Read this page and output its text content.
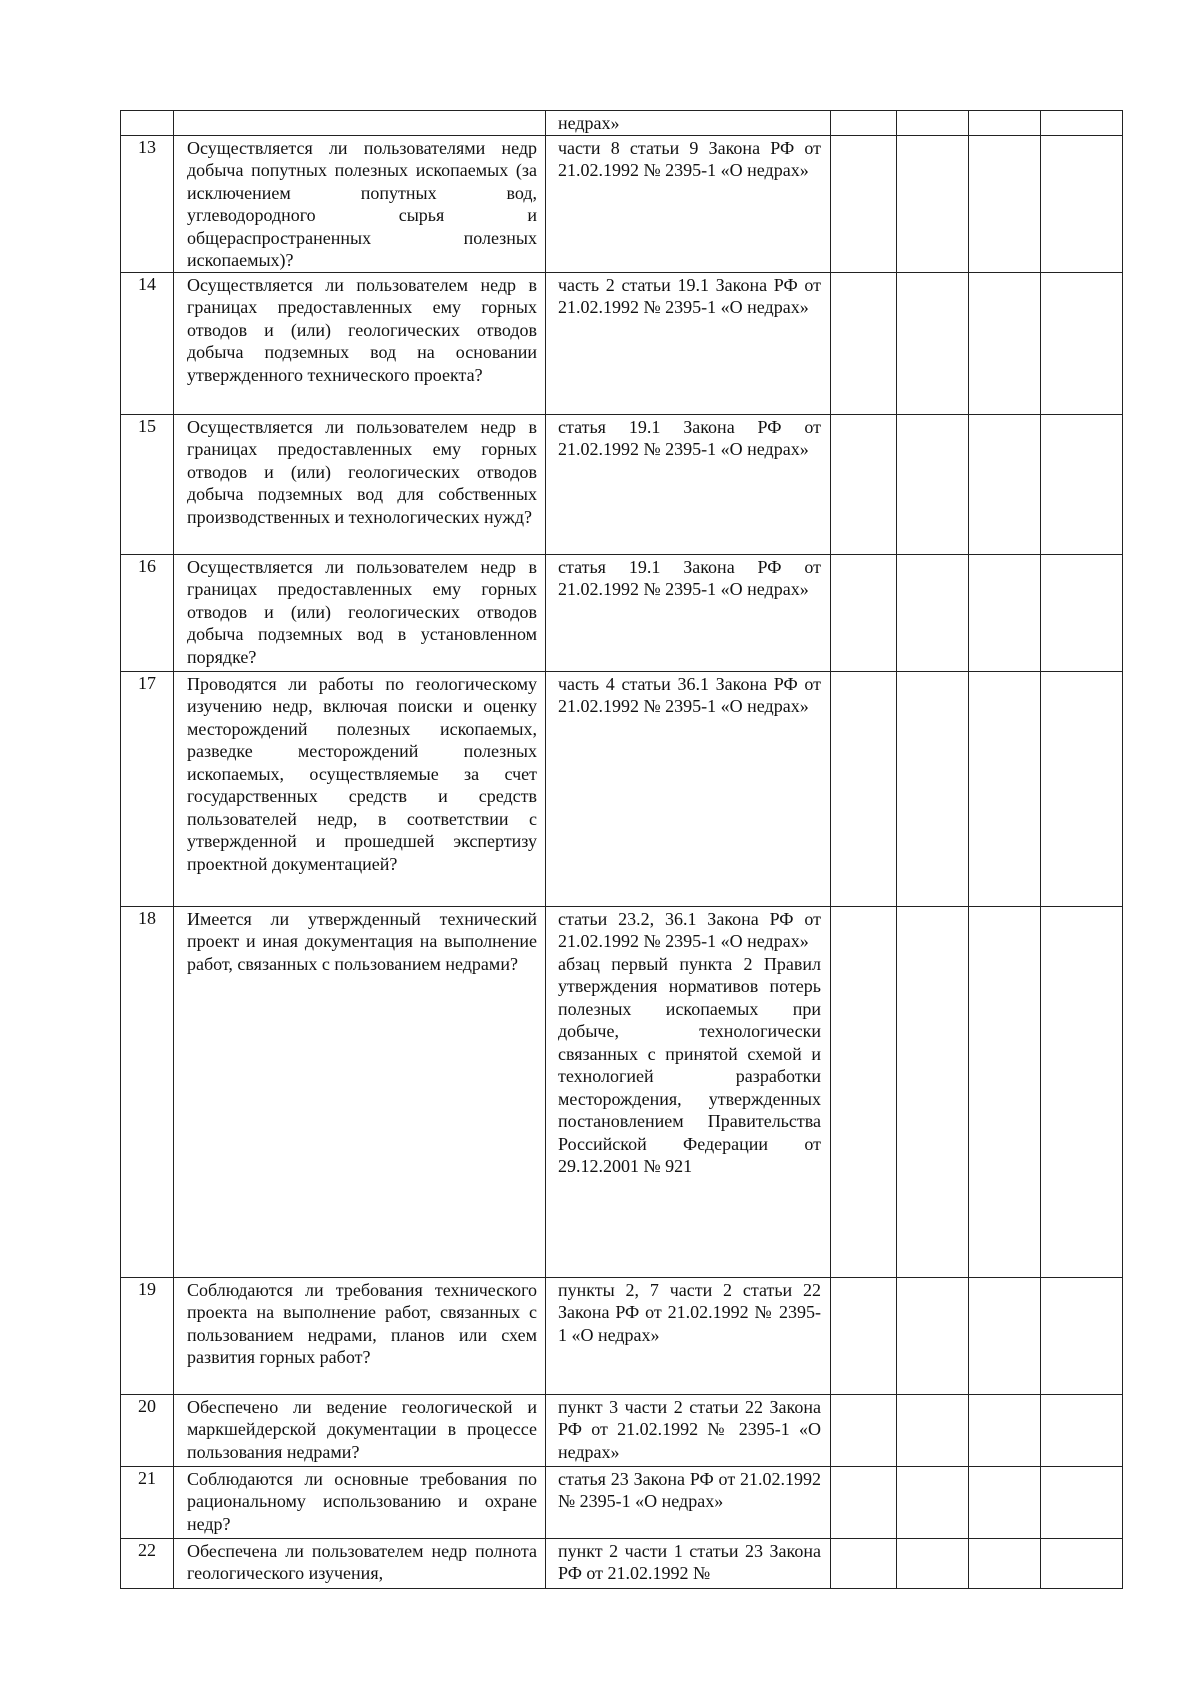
		недрах»				
13	Осуществляется ли пользователями недр добыча попутных полезных ископаемых (за исключением попутных вод, углеводородного сырья и общераспространенных полезных ископаемых)?	части 8 статьи 9 Закона РФ от 21.02.1992 № 2395-1 «О недрах»				

14	Осуществляется ли пользователем недр в границах предоставленных ему горных отводов и (или) геологических отводов добыча подземных вод на основании утвержденного технического проекта?	часть 2 статьи 19.1 Закона РФ от 21.02.1992 № 2395-1 «О недрах»				

15	Осуществляется ли пользователем недр в границах предоставленных ему горных отводов и (или) геологических отводов добыча подземных вод для собственных производственных и технологических нужд?	статья 19.1 Закона РФ от 21.02.1992 № 2395-1 «О недрах»				

16	Осуществляется ли пользователем недр в границах предоставленных ему горных отводов и (или) геологических отводов добыча подземных вод в установленном порядке?	статья 19.1 Закона РФ от 21.02.1992 № 2395-1 «О недрах»				

17	Проводятся ли работы по геологическому изучению недр, включая поиски и оценку месторождений полезных ископаемых, разведке месторождений полезных ископаемых, осуществляемые за счет государственных средств и средств пользователей недр, в соответствии с утвержденной и прошедшей экспертизу проектной документацией?	часть 4 статьи 36.1 Закона РФ от 21.02.1992 № 2395-1 «О недрах»				

18	Имеется ли утвержденный технический проект и иная документация на выполнение работ, связанных с пользованием недрами?	статьи 23.2, 36.1 Закона РФ от 21.02.1992 № 2395-1 «О недрах»
абзац первый пункта 2 Правил утверждения нормативов потерь полезных ископаемых при добыче, технологически связанных с принятой схемой и технологией разработки месторождения, утвержденных постановлением Правительства Российской Федерации от 29.12.2001 № 921				

19	Соблюдаются ли требования технического проекта на выполнение работ, связанных с пользованием недрами, планов или схем развития горных работ?	пункты 2, 7 части 2 статьи 22 Закона РФ от 21.02.1992 № 2395-1 «О недрах»				

20	Обеспечено ли ведение геологической и маркшейдерской документации в процессе пользования недрами?	пункт 3 части 2 статьи 22 Закона РФ от 21.02.1992 № 2395-1 «О недрах»				

21	Соблюдаются ли основные требования по рациональному использованию и охране недр?	статья 23 Закона РФ от 21.02.1992 № 2395-1 «О недрах»				

22	Обеспечена ли пользователем недр полнота геологического изучения,	пункт 2 части 1 статьи 23 Закона РФ от 21.02.1992 №				
